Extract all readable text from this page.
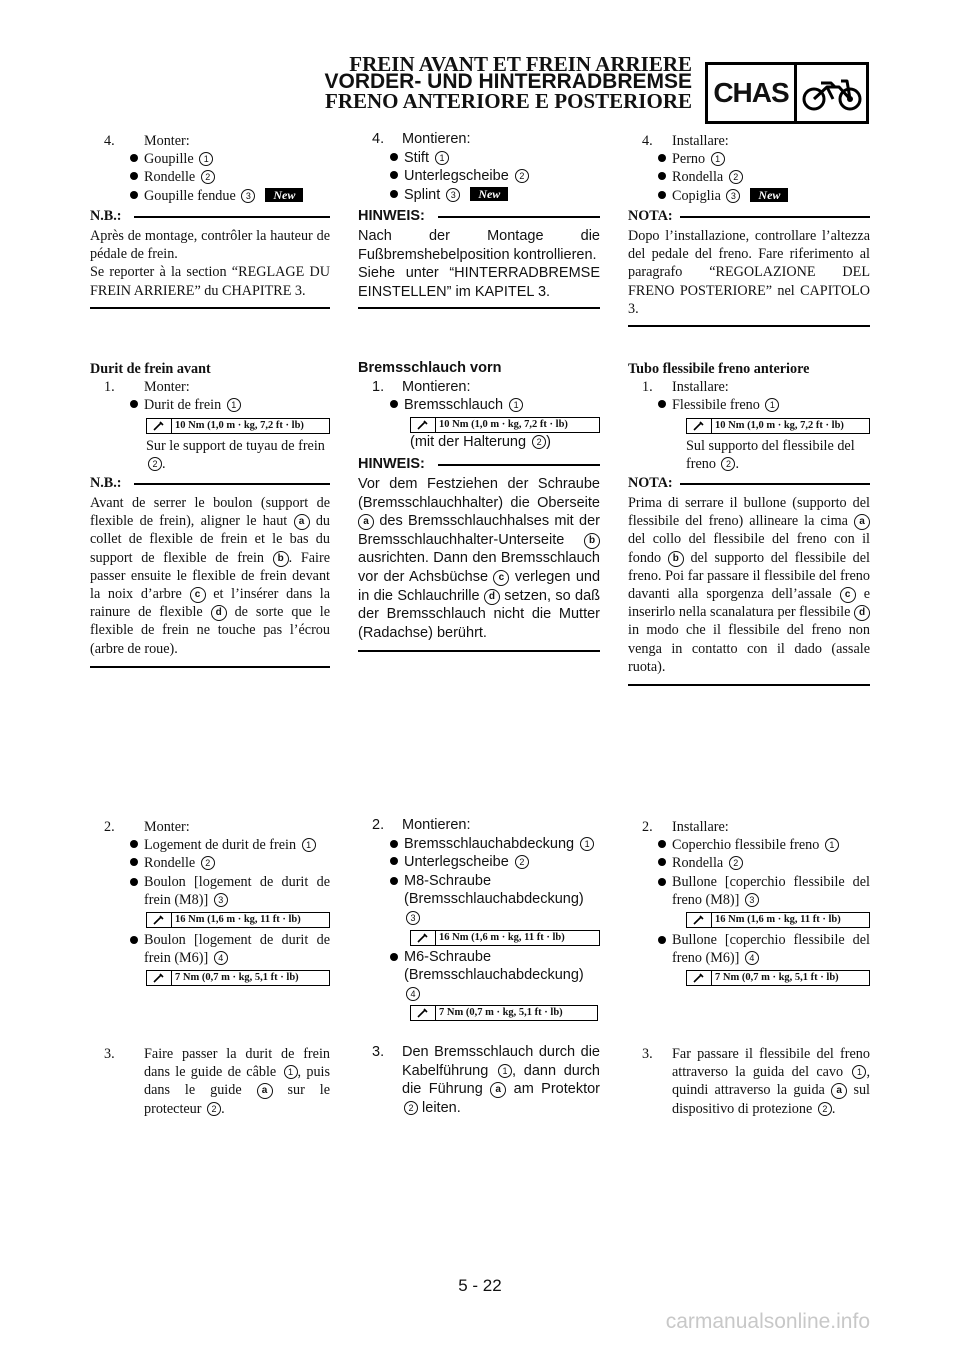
FREIN AVANT ET FREIN ARRIERE
VORDER- UND HINTERRADBREMSE
FRENO ANTERIORE E POSTERIORE CHAS
4. Monter:
Goupille 1
Rondelle 2
Goupille fendue 3 New
N.B.:
Après de montage, contrôler la hauteur de pédale de frein.
Se reporter à la section “REGLAGE DU FREIN ARRIERE” du CHAPITRE 3.
Durit de frein avant
1. Monter:
Durit de frein 1
10 Nm (1,0 m · kg, 7,2 ft · lb)
Sur le support de tuyau de frein 2 .
N.B.:
Avant de serrer le boulon (support de flexible de frein), aligner le haut a du collet de flexible de frein et le bas du support de flexible de frein b . Faire passer ensuite le flexible de frein devant la noix d’arbre c et l’insérer dans la rainure de flexible d de sorte que le flexible de frein ne touche pas l’écrou (arbre de roue).
2. Monter:
Logement de durit de frein 1
Rondelle 2
Boulon [logement de durit de frein (M8)] 3
16 Nm (1,6 m · kg, 11 ft · lb)
Boulon [logement de durit de frein (M6)] 4
7 Nm (0,7 m · kg, 5,1 ft · lb)
3.	Faire passer la durit de frein dans le guide de câble 1 , puis dans le guide a sur le protecteur 2 .
4. Montieren:
Stift 1
Unterlegscheibe 2
Splint 3 New
HINWEIS:
Nach der Montage die Fußbremshebelposition kontrollieren.
Siehe unter “HINTERRADBREMSE EINSTELLEN” im KAPITEL 3.
Bremsschlauch vorn
1. Montieren:
Bremsschlauch 1
10 Nm (1,0 m · kg, 7,2 ft · lb)
(mit der Halterung 2 )
HINWEIS:
Vor dem Festziehen der Schraube (Bremsschlauchhalter) die Oberseite a des Bremsschlauchhalses mit der Bremsschlauchhalter-Unterseite b ausrichten. Dann den Bremsschlauch vor der Achsbüchse c verlegen und in die Schlauchrille d setzen, so daß der Bremsschlauch nicht die Mutter (Radachse) berührt.
2. Montieren:
Bremsschlauchabdeckung 1
Unterlegscheibe 2
M8-Schraube (Bremsschlauchabdeckung) 3
16 Nm (1,6 m · kg, 11 ft · lb)
M6-Schraube (Bremsschlauchabdeckung) 4
7 Nm (0,7 m · kg, 5,1 ft · lb)
3.	Den Bremsschlauch durch die Kabelführung 1 , dann durch die Führung a am Protektor 2 leiten.
4. Installare:
Perno 1
Rondella 2
Copiglia 3 New
NOTA:
Dopo l’installazione, controllare l’altezza del pedale del freno. Fare riferimento al paragrafo “REGOLAZIONE DEL FRENO POSTERIORE” nel CAPITOLO 3.
Tubo flessibile freno anteriore
1. Installare:
Flessibile freno 1
10 Nm (1,0 m · kg, 7,2 ft · lb)
Sul supporto del flessibile del freno 2 .
NOTA:
Prima di serrare il bullone (supporto del flessibile del freno) allineare la cima a del collo del flessibile del freno con il fondo b del supporto del flessibile del freno. Poi far passare il flessibile del freno davanti alla sporgenza dell’assale c e inserirlo nella scanalatura per flessibile d in modo che il flessibile del freno non venga in contatto con il dado (assale ruota).
2. Installare:
Coperchio flessibile freno 1
Rondella 2
Bullone [coperchio flessibile del freno (M8)] 3
16 Nm (1,6 m · kg, 11 ft · lb)
Bullone [coperchio flessibile del freno (M6)] 4
7 Nm (0,7 m · kg, 5,1 ft · lb)
3.	Far passare il flessibile del freno attraverso la guida del cavo 1 , quindi attraverso la guida a sul dispositivo di protezione 2 .
5 - 22
carmanualsonline.info
